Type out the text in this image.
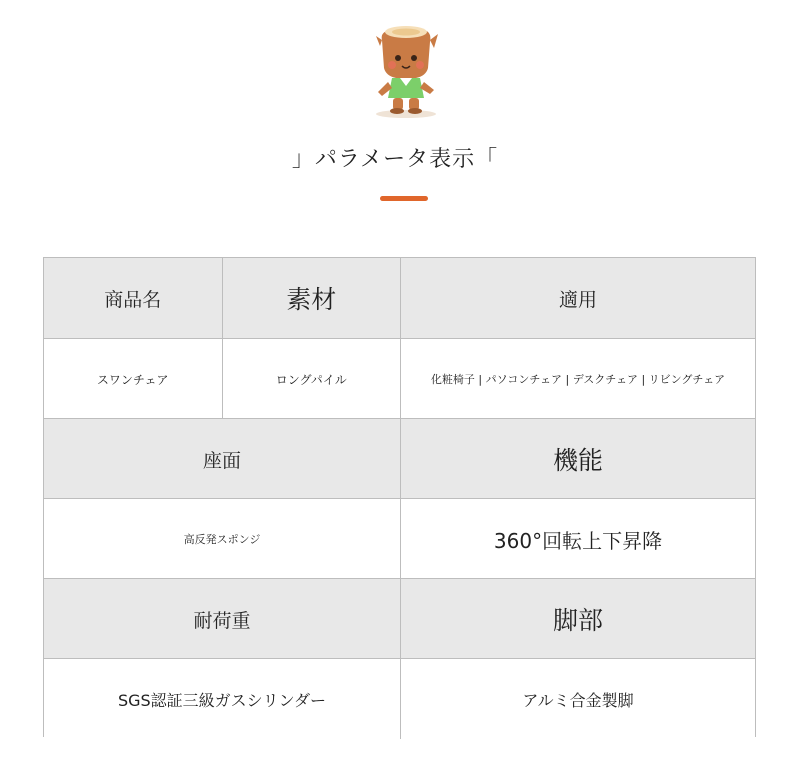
」パラメータ表示「
商品名	素材	適用
スワンチェア	ロングパイル	化粧椅子 | パソコンチェア | デスクチェア | リビングチェア
座面	機能
高反発スポンジ	360°回転上下昇降
耐荷重	脚部
SGS認証三級ガスシリンダー	アルミ合金製脚
